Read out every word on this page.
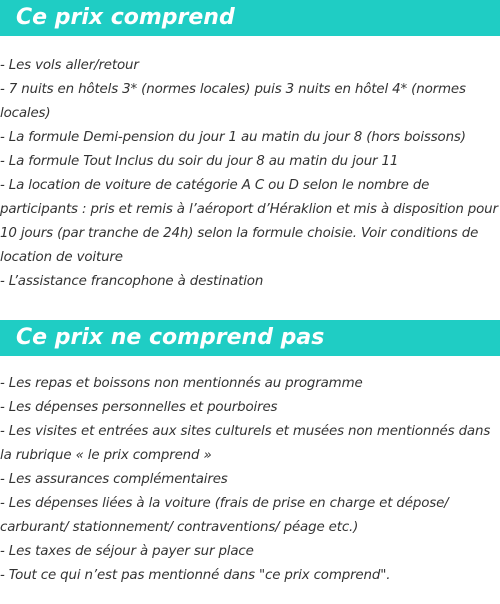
Ce prix comprend
- Les vols aller/retour
- 7 nuits en hôtels 3* (normes locales) puis 3 nuits en hôtel 4* (normes locales)
- La formule Demi-pension du jour 1 au matin du jour 8 (hors boissons)
- La formule Tout Inclus du soir du jour 8 au matin du jour 11
- La location de voiture de catégorie A C ou D selon le nombre de participants : pris et remis à l’aéroport d’Héraklion et mis à disposition pour 10 jours (par tranche de 24h) selon la formule choisie. Voir conditions de location de voiture
- L’assistance francophone à destination
Ce prix ne comprend pas
- Les repas et boissons non mentionnés au programme
- Les dépenses personnelles et pourboires
- Les visites et entrées aux sites culturels et musées non mentionnés dans la rubrique « le prix comprend »
- Les assurances complémentaires
- Les dépenses liées à la voiture (frais de prise en charge et dépose/ carburant/ stationnement/ contraventions/ péage etc.)
- Les taxes de séjour à payer sur place
- Tout ce qui n’est pas mentionné dans "ce prix comprend".
